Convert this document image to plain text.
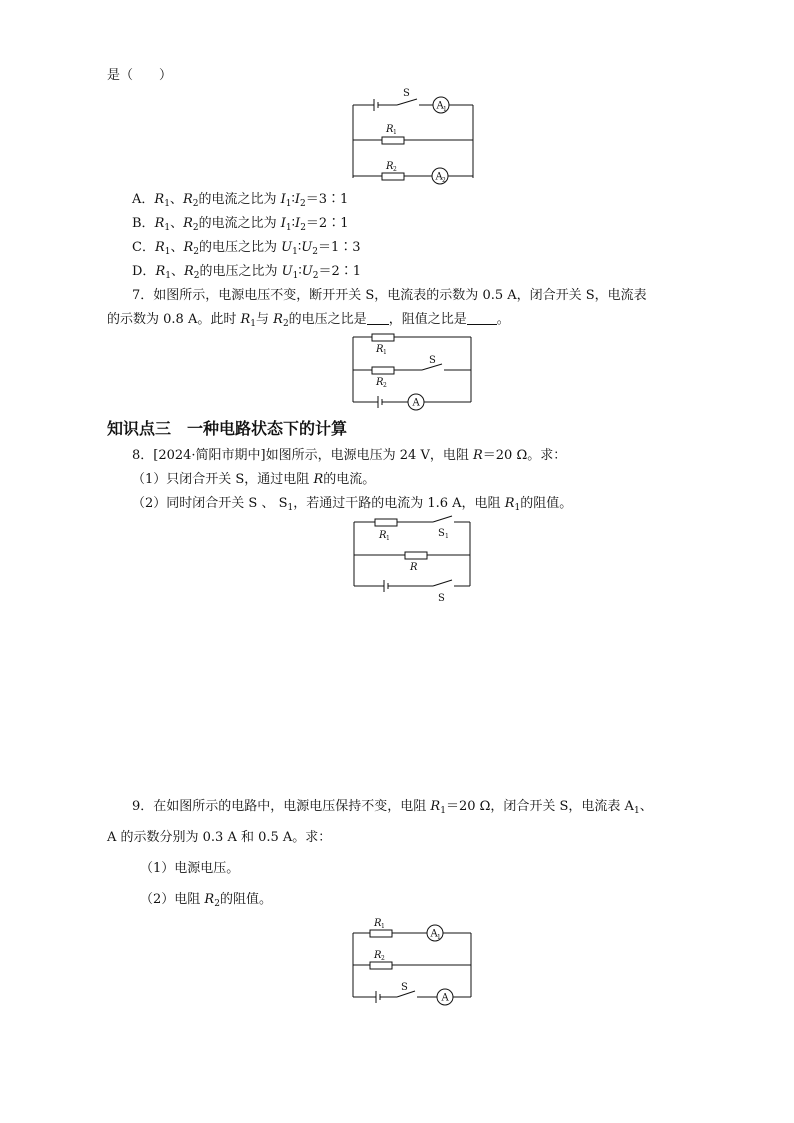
是（　　）
S
A 1
R 1
R 2
A 2
A．$R_1$、$R_2$的电流之比为 $I_1∶I_2=3∶1$
B．$R_1$、$R_2$的电流之比为 $I_1∶I_2=2∶1$
C．$R_1$、$R_2$的电压之比为 $U_1∶U_2=1∶3$
D．$R_1$、$R_2$的电压之比为 $U_1∶U_2=2∶1$
7．如图所示，电源电压不变，断开开关 S，电流表的示数为 0.5 A，闭合开关 S，电流表
的示数为 0.8 A。此时 $R_1$与 $R_2$的电压之比是 ，阻值之比是 。
R 1
R 2
S
A
知识点三　一种电路状态下的计算
8．[2024·简阳市期中]如图所示，电源电压为 24 V，电阻 R＝20 Ω。求：
（1）只闭合开关 S，通过电阻 R的电流。
（2）同时闭合开关 S 、 $S_1$，若通过干路的电流为 1.6 A，电阻 $R_1$的阻值。
R 1	S 1
R
S
9．在如图所示的电路中，电源电压保持不变，电阻 $R_1=20$ Ω，闭合开关 S，电流表 $A_1$、
A 的示数分别为 0.3 A 和 0.5 A。求：
（1）电源电压。
（2）电阻 $R_2$的阻值。
R 1
A 1
R 2
S
A
